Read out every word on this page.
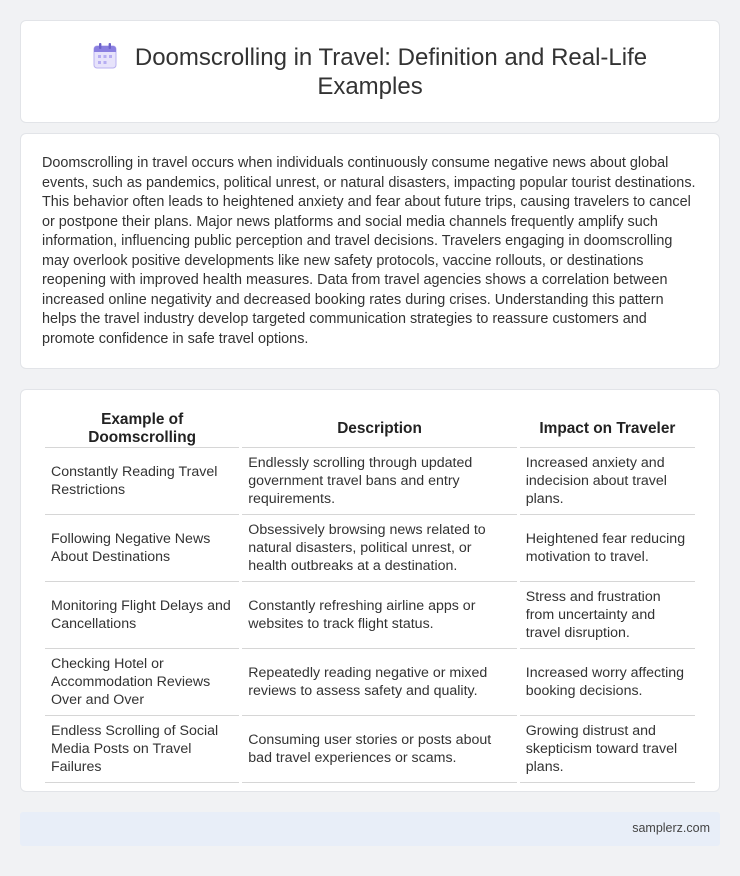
Doomscrolling in Travel: Definition and Real-Life Examples

Doomscrolling in travel occurs when individuals continuously consume negative news about global events, such as pandemics, political unrest, or natural disasters, impacting popular tourist destinations. This behavior often leads to heightened anxiety and fear about future trips, causing travelers to cancel or postpone their plans. Major news platforms and social media channels frequently amplify such information, influencing public perception and travel decisions. Travelers engaging in doomscrolling may overlook positive developments like new safety protocols, vaccine rollouts, or destinations reopening with improved health measures. Data from travel agencies shows a correlation between increased online negativity and decreased booking rates during crises. Understanding this pattern helps the travel industry develop targeted communication strategies to reassure customers and promote confidence in safe travel options.

Example of Doomscrolling	Description	Impact on Traveler
Constantly Reading Travel Restrictions	Endlessly scrolling through updated government travel bans and entry requirements.	Increased anxiety and indecision about travel plans.
Following Negative News About Destinations	Obsessively browsing news related to natural disasters, political unrest, or health outbreaks at a destination.	Heightened fear reducing motivation to travel.
Monitoring Flight Delays and Cancellations	Constantly refreshing airline apps or websites to track flight status.	Stress and frustration from uncertainty and travel disruption.
Checking Hotel or Accommodation Reviews Over and Over	Repeatedly reading negative or mixed reviews to assess safety and quality.	Increased worry affecting booking decisions.
Endless Scrolling of Social Media Posts on Travel Failures	Consuming user stories or posts about bad travel experiences or scams.	Growing distrust and skepticism toward travel plans.
samplerz.com
